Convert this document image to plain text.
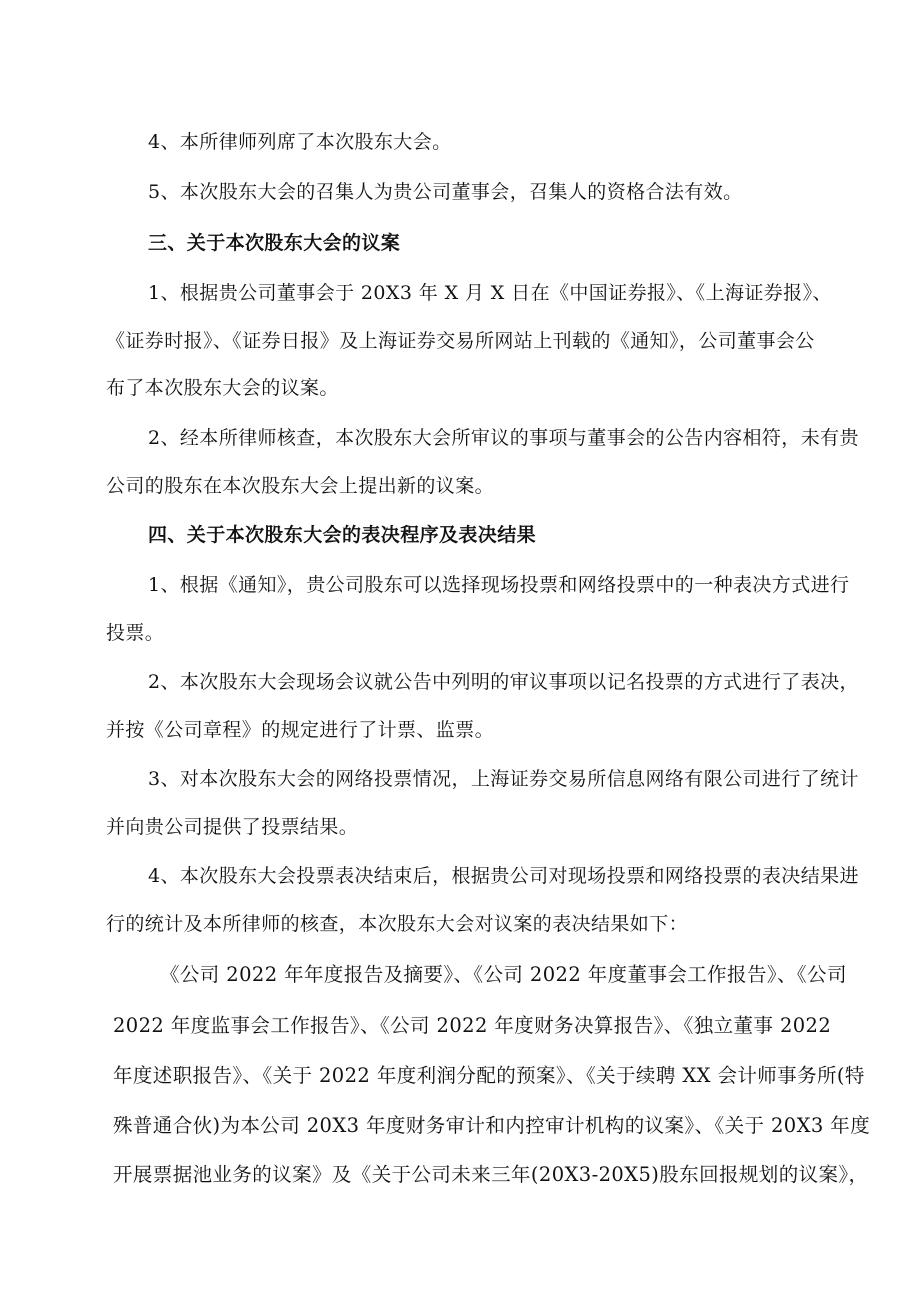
4、本所律师列席了本次股东大会。
5、本次股东大会的召集人为贵公司董事会，召集人的资格合法有效。
三、关于本次股东大会的议案
1、根据贵公司董事会于 20X3 年 X 月 X 日在《中国证券报》、《上海证券报》、
《证券时报》、《证券日报》及上海证券交易所网站上刊载的《通知》，公司董事会公
布了本次股东大会的议案。
2、经本所律师核查，本次股东大会所审议的事项与董事会的公告内容相符，未有贵
公司的股东在本次股东大会上提出新的议案。
四、关于本次股东大会的表决程序及表决结果
1、根据《通知》，贵公司股东可以选择现场投票和网络投票中的一种表决方式进行
投票。
2、本次股东大会现场会议就公告中列明的审议事项以记名投票的方式进行了表决，
并按《公司章程》的规定进行了计票、监票。
3、对本次股东大会的网络投票情况，上海证券交易所信息网络有限公司进行了统计
并向贵公司提供了投票结果。
4、本次股东大会投票表决结束后，根据贵公司对现场投票和网络投票的表决结果进
行的统计及本所律师的核查，本次股东大会对议案的表决结果如下：
《公司 2022 年年度报告及摘要》、《公司 2022 年度董事会工作报告》、《公司
2022 年度监事会工作报告》、《公司 2022 年度财务决算报告》、《独立董事 2022
年度述职报告》、《关于 2022 年度利润分配的预案》、《关于续聘 XX 会计师事务所(特
殊普通合伙)为本公司 20X3 年度财务审计和内控审计机构的议案》、《关于 20X3 年度
开展票据池业务的议案》及《关于公司未来三年(20X3-20X5)股东回报规划的议案》，
